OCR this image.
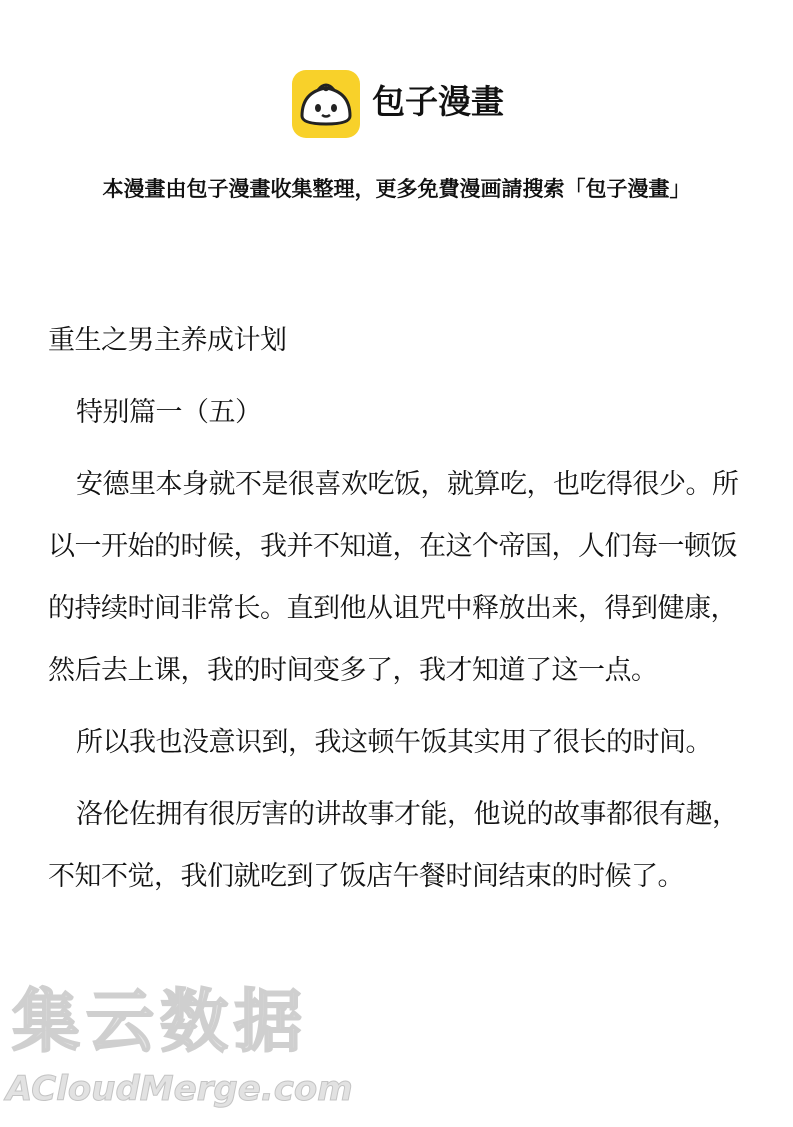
包子漫畫
本漫畫由包子漫畫收集整理，更多免費漫画請搜索「包子漫畫」

重生之男主养成计划

特别篇一（五）

安德里本身就不是很喜欢吃饭，就算吃，也吃得很少。所以一开始的时候，我并不知道，在这个帝国，人们每一顿饭的持续时间非常长。直到他从诅咒中释放出来，得到健康，然后去上课，我的时间变多了，我才知道了这一点。

所以我也没意识到，我这顿午饭其实用了很长的时间。

洛伦佐拥有很厉害的讲故事才能，他说的故事都很有趣，不知不觉，我们就吃到了饭店午餐时间结束的时候了。

集云数据
ACloudMerge.com
